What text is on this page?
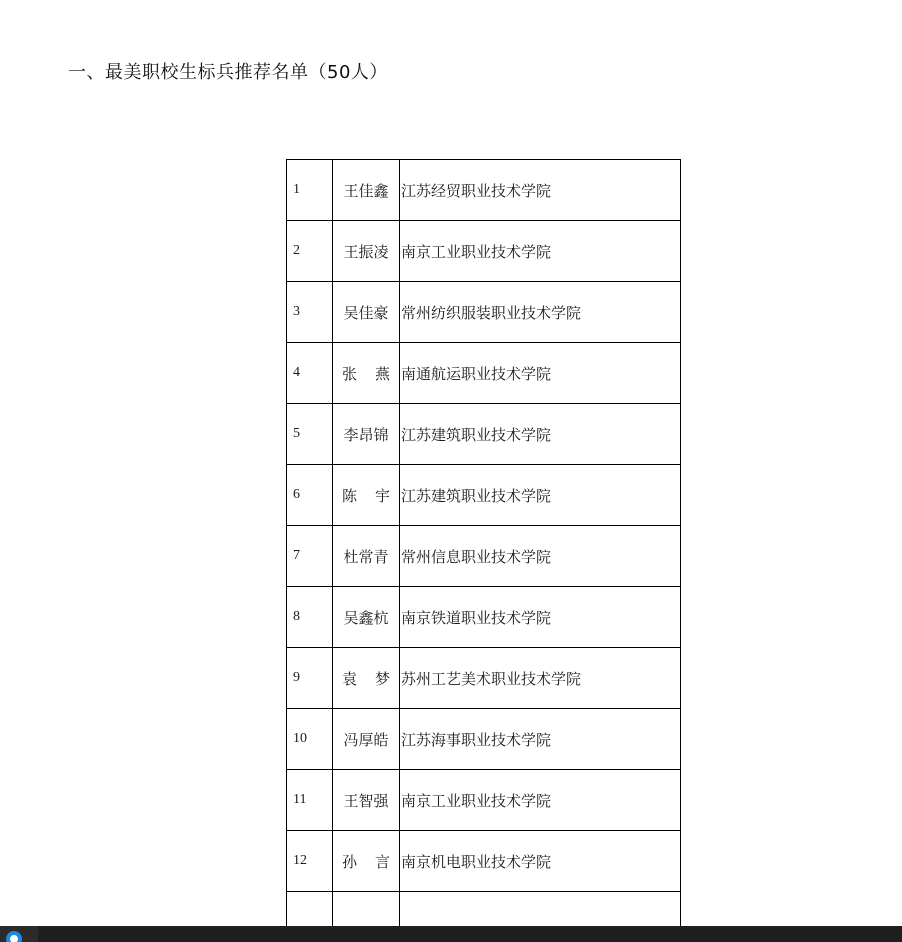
一、最美职校生标兵推荐名单（50人）
1	王佳鑫	江苏经贸职业技术学院
2	王振凌	南京工业职业技术学院
3	吴佳豪	常州纺织服装职业技术学院
4	张燕	南通航运职业技术学院
5	李昂锦	江苏建筑职业技术学院
6	陈宇	江苏建筑职业技术学院
7	杜常青	常州信息职业技术学院
8	吴鑫杭	南京铁道职业技术学院
9	袁梦	苏州工艺美术职业技术学院
10	冯厚皓	江苏海事职业技术学院
11	王智强	南京工业职业技术学院
12	孙言	南京机电职业技术学院
